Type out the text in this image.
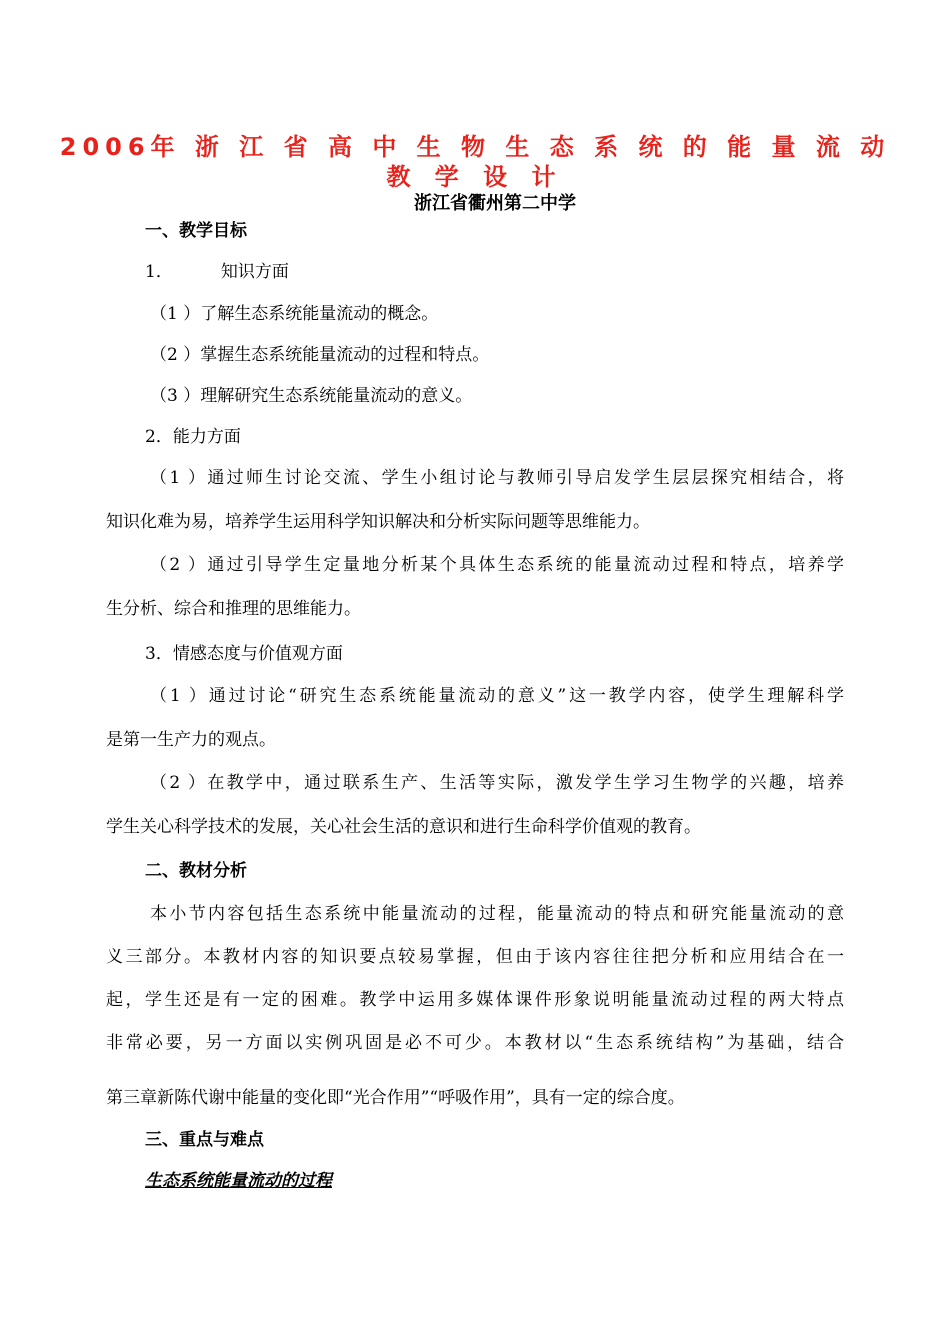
2006年 浙 江 省 高 中 生 物 生 态 系 统 的 能 量 流 动
教 学 设 计
浙江省衢州第二中学
一、教学目标
1．	知识方面
（1 ）了解生态系统能量流动的概念。
（2 ）掌握生态系统能量流动的过程和特点。
（3 ）理解研究生态系统能量流动的意义。
2．能力方面
（1 ）通过师生讨论交流、学生小组讨论与教师引导启发学生层层探究相结合，将
知识化难为易，培养学生运用科学知识解决和分析实际问题等思维能力。
（2 ）通过引导学生定量地分析某个具体生态系统的能量流动过程和特点，培养学
生分析、综合和推理的思维能力。
3．情感态度与价值观方面
（1 ）通过讨论“研究生态系统能量流动的意义”这一教学内容，使学生理解科学
是第一生产力的观点。
（2 ）在教学中，通过联系生产、生活等实际，激发学生学习生物学的兴趣，培养
学生关心科学技术的发展，关心社会生活的意识和进行生命科学价值观的教育。
二、教材分析
本小节内容包括生态系统中能量流动的过程，能量流动的特点和研究能量流动的意
义三部分。本教材内容的知识要点较易掌握，但由于该内容往往把分析和应用结合在一
起，学生还是有一定的困难。教学中运用多媒体课件形象说明能量流动过程的两大特点
非常必要，另一方面以实例巩固是必不可少。本教材以“生态系统结构”为基础，结合
第三章新陈代谢中能量的变化即“光合作用”“呼吸作用”，具有一定的综合度。
三、重点与难点
生态系统能量流动的过程
